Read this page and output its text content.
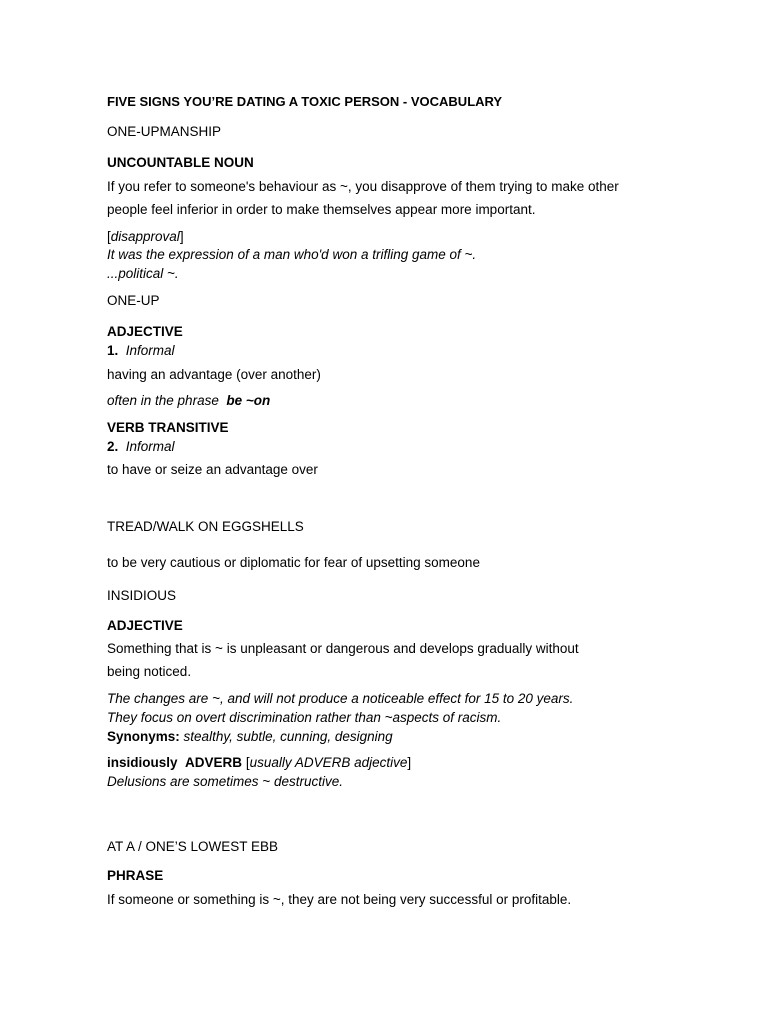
FIVE SIGNS YOU’RE DATING A TOXIC PERSON - VOCABULARY
ONE-UPMANSHIP
UNCOUNTABLE NOUN
If you refer to someone's behaviour as ~, you disapprove of them trying to make other
people feel inferior in order to make themselves appear more important.
[disapproval]
It was the expression of a man who'd won a trifling game of ~.
...political ~.
ONE-UP
ADJECTIVE
1. Informal
having an advantage (over another)
often in the phrase be ~on
VERB TRANSITIVE
2. Informal
to have or seize an advantage over
TREAD/WALK ON EGGSHELLS
to be very cautious or diplomatic for fear of upsetting someone
INSIDIOUS
ADJECTIVE
Something that is ~ is unpleasant or dangerous and develops gradually without
being noticed.
The changes are ~, and will not produce a noticeable effect for 15 to 20 years.
They focus on overt discrimination rather than ~aspects of racism.
Synonyms: stealthy, subtle, cunning, designing
insidiously ADVERB [usually ADVERB adjective]
Delusions are sometimes ~ destructive.
AT A / ONE’S LOWEST EBB
PHRASE
If someone or something is ~, they are not being very successful or profitable.
